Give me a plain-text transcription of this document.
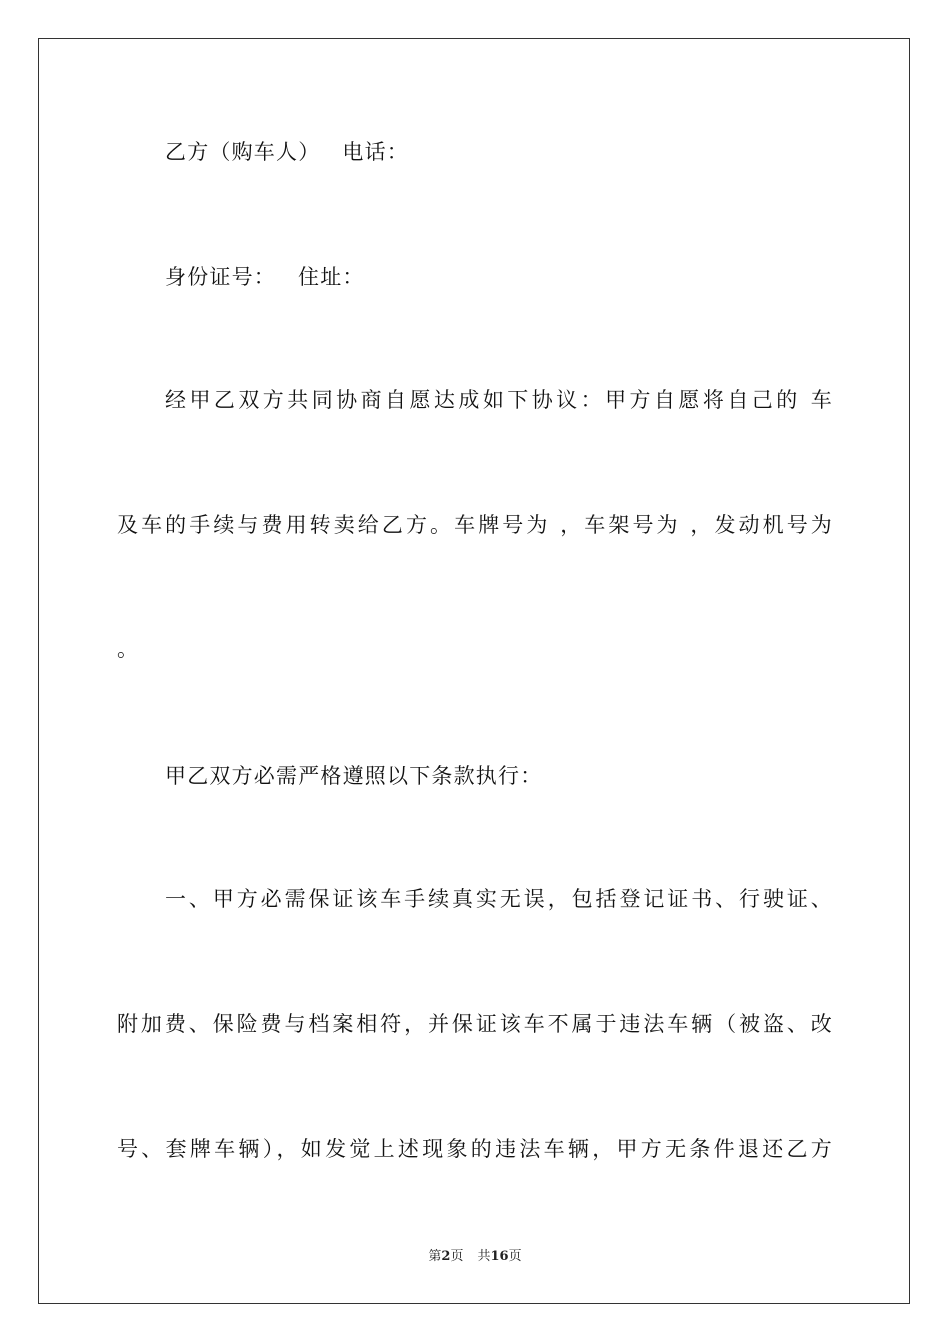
乙方（购车人） 电话：
身份证号： 住址：
经甲乙双方共同协商自愿达成如下协议：甲方自愿将自己的 车
及车的手续与费用转卖给乙方。车牌号为 ，车架号为 ，发动机号为
。
甲乙双方必需严格遵照以下条款执行：
一、甲方必需保证该车手续真实无误，包括登记证书、行驶证、
附加费、保险费与档案相符，并保证该车不属于违法车辆（被盗、改
号、套牌车辆），如发觉上述现象的违法车辆，甲方无条件退还乙方
第2页 共16页
